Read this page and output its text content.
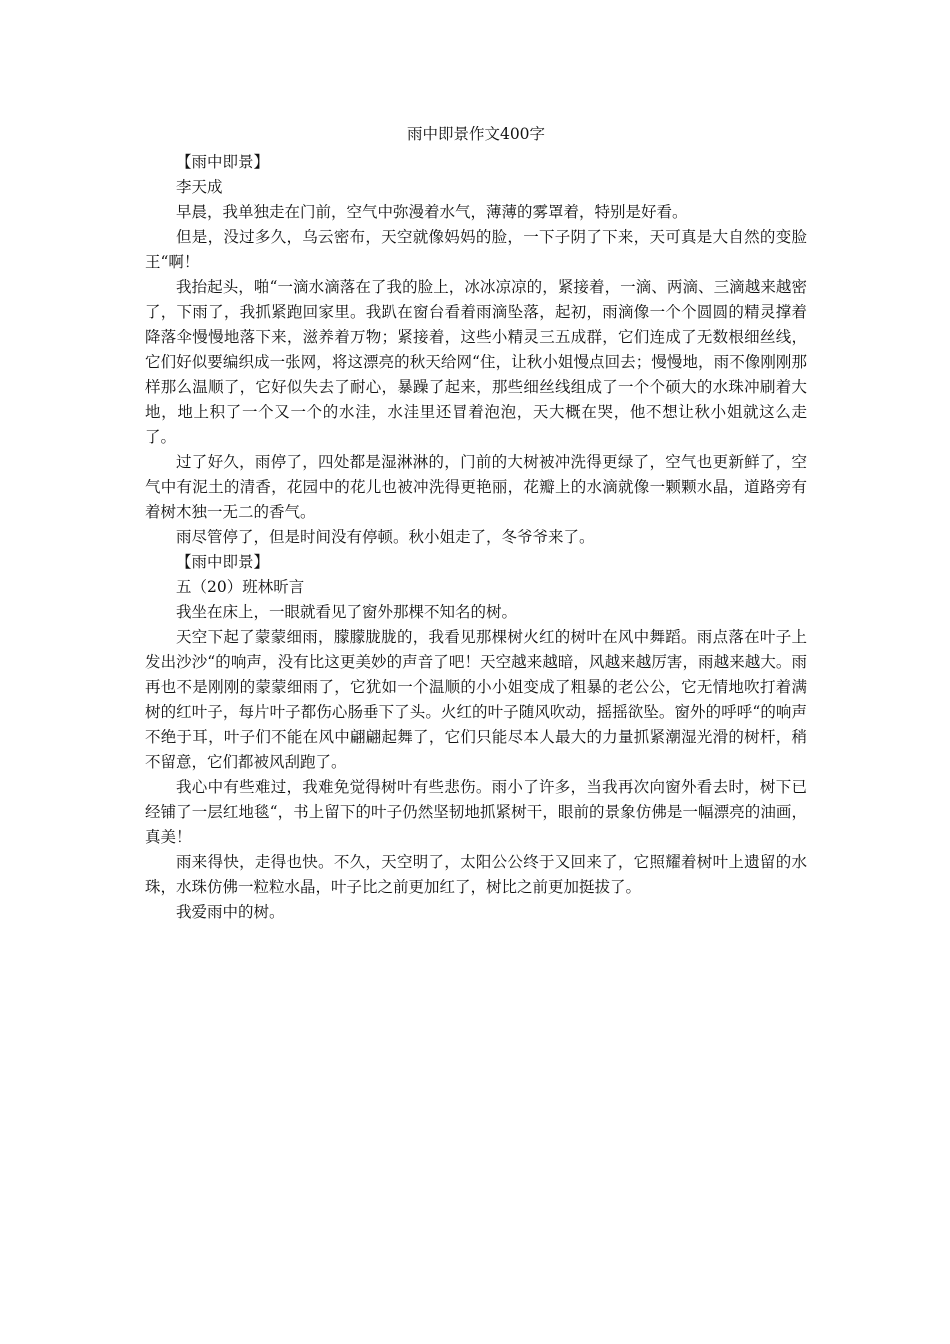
雨中即景作文400字

【雨中即景】

李天成

早晨，我单独走在门前，空气中弥漫着水气，薄薄的雾罩着，特别是好看。

但是，没过多久，乌云密布，天空就像妈妈的脸，一下子阴了下来，天可真是大自然的变脸王“啊！

我抬起头，啪“一滴水滴落在了我的脸上，冰冰凉凉的，紧接着，一滴、两滴、三滴越来越密了，下雨了，我抓紧跑回家里。我趴在窗台看着雨滴坠落，起初，雨滴像一个个圆圆的精灵撑着降落伞慢慢地落下来，滋养着万物；紧接着，这些小精灵三五成群，它们连成了无数根细丝线，它们好似要编织成一张网，将这漂亮的秋天给网“住，让秋小姐慢点回去；慢慢地，雨不像刚刚那样那么温顺了，它好似失去了耐心，暴躁了起来，那些细丝线组成了一个个硕大的水珠冲刷着大地，地上积了一个又一个的水洼，水洼里还冒着泡泡，天大概在哭，他不想让秋小姐就这么走了。

过了好久，雨停了，四处都是湿淋淋的，门前的大树被冲洗得更绿了，空气也更新鲜了，空气中有泥土的清香，花园中的花儿也被冲洗得更艳丽，花瓣上的水滴就像一颗颗水晶，道路旁有着树木独一无二的香气。

雨尽管停了，但是时间没有停顿。秋小姐走了，冬爷爷来了。

【雨中即景】

五（20）班林昕言

我坐在床上，一眼就看见了窗外那棵不知名的树。

天空下起了蒙蒙细雨，朦朦胧胧的，我看见那棵树火红的树叶在风中舞蹈。雨点落在叶子上发出沙沙“的响声，没有比这更美妙的声音了吧！天空越来越暗，风越来越厉害，雨越来越大。雨再也不是刚刚的蒙蒙细雨了，它犹如一个温顺的小小姐变成了粗暴的老公公，它无情地吹打着满树的红叶子，每片叶子都伤心肠垂下了头。火红的叶子随风吹动，摇摇欲坠。窗外的呼呼“的响声不绝于耳，叶子们不能在风中翩翩起舞了，它们只能尽本人最大的力量抓紧潮湿光滑的树杆，稍不留意，它们都被风刮跑了。

我心中有些难过，我难免觉得树叶有些悲伤。雨小了许多，当我再次向窗外看去时，树下已经铺了一层红地毯“，书上留下的叶子仍然坚韧地抓紧树干，眼前的景象仿佛是一幅漂亮的油画，真美！

雨来得快，走得也快。不久，天空明了，太阳公公终于又回来了，它照耀着树叶上遗留的水珠，水珠仿佛一粒粒水晶，叶子比之前更加红了，树比之前更加挺拔了。

我爱雨中的树。
